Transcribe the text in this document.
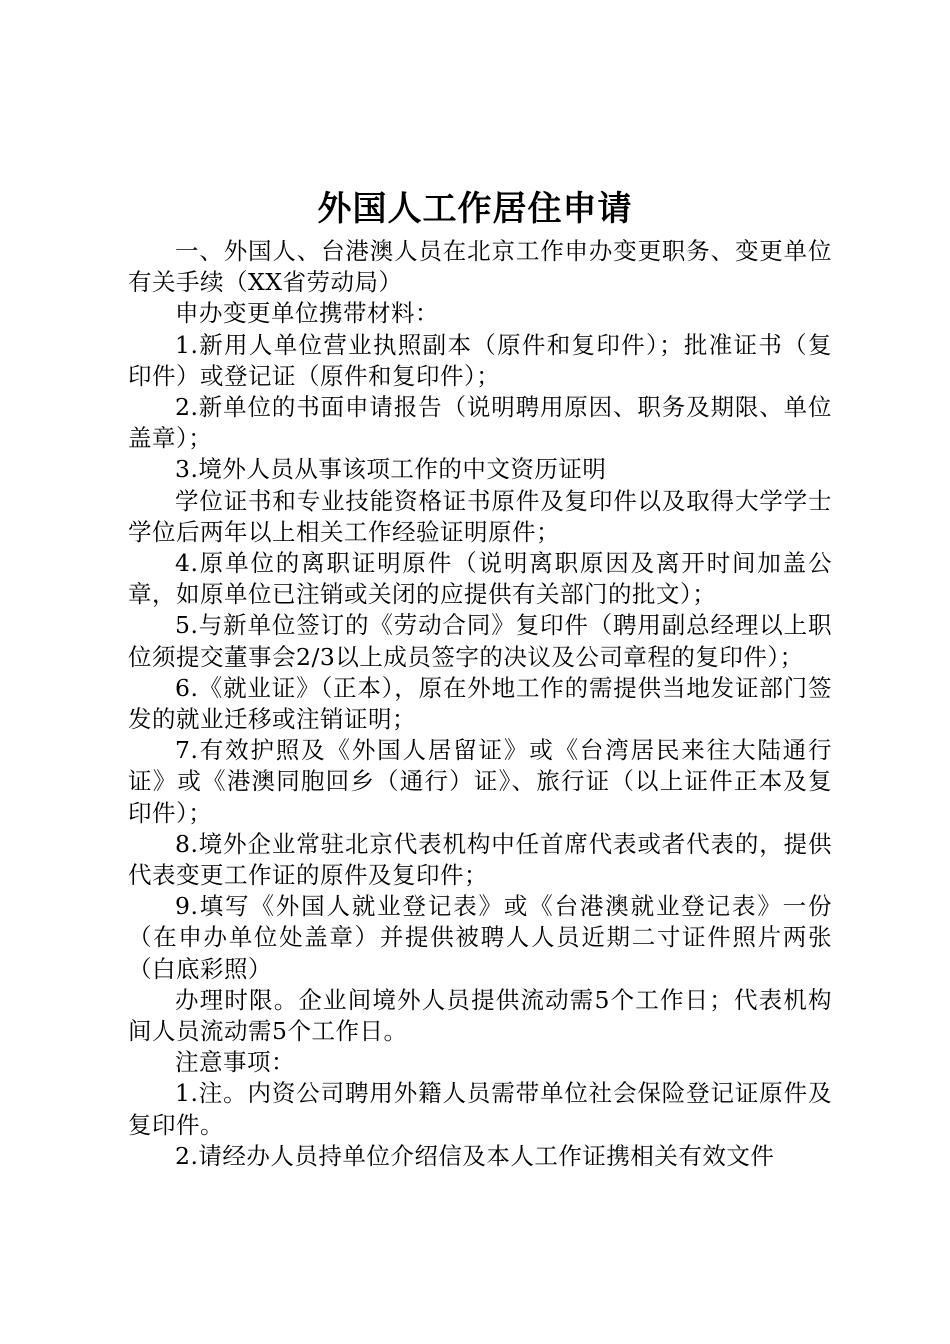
外国人工作居住申请

一、外国人、台港澳人员在北京工作申办变更职务、变更单位有关手续（XX省劳动局）

申办变更单位携带材料：

1.新用人单位营业执照副本（原件和复印件）；批准证书（复印件）或登记证（原件和复印件）；

2.新单位的书面申请报告（说明聘用原因、职务及期限、单位盖章）；

3.境外人员从事该项工作的中文资历证明

学位证书和专业技能资格证书原件及复印件以及取得大学学士学位后两年以上相关工作经验证明原件；

4.原单位的离职证明原件（说明离职原因及离开时间加盖公章，如原单位已注销或关闭的应提供有关部门的批文）；

5.与新单位签订的《劳动合同》复印件（聘用副总经理以上职位须提交董事会2/3以上成员签字的决议及公司章程的复印件）；

6.《就业证》（正本），原在外地工作的需提供当地发证部门签发的就业迁移或注销证明；

7.有效护照及《外国人居留证》或《台湾居民来往大陆通行证》或《港澳同胞回乡（通行）证》、旅行证（以上证件正本及复印件）；

8.境外企业常驻北京代表机构中任首席代表或者代表的，提供代表变更工作证的原件及复印件；

9.填写《外国人就业登记表》或《台港澳就业登记表》一份（在申办单位处盖章）并提供被聘人人员近期二寸证件照片两张（白底彩照）

办理时限。企业间境外人员提供流动需5个工作日；代表机构间人员流动需5个工作日。

注意事项：

1.注。内资公司聘用外籍人员需带单位社会保险登记证原件及复印件。

2.请经办人员持单位介绍信及本人工作证携相关有效文件
